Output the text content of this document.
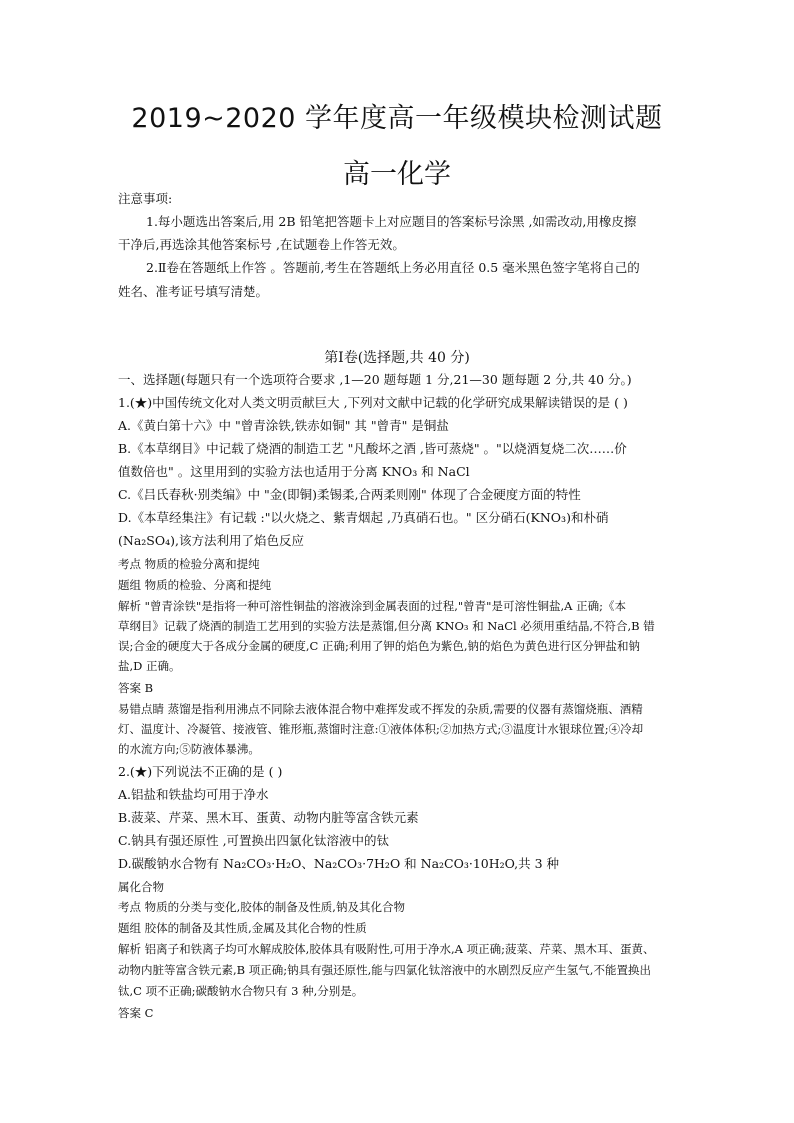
2019~2020 学年度高一年级模块检测试题
高一化学
注意事项:
1.每小题选出答案后,用 2B 铅笔把答题卡上对应题目的答案标号涂黑 ,如需改动,用橡皮擦
干净后,再选涂其他答案标号 ,在试题卷上作答无效。
2.Ⅱ卷在答题纸上作答 。答题前,考生在答题纸上务必用直径 0.5 毫米黑色签字笔将自己的
姓名、准考证号填写清楚。
第Ⅰ卷(选择题,共 40 分)
一、选择题(每题只有一个选项符合要求 ,1—20 题每题 1 分,21—30 题每题 2 分,共 40 分。)
1.(★)中国传统文化对人类文明贡献巨大 ,下列对文献中记载的化学研究成果解读错误的是 ( )
A.《黄白第十六》中 "曾青涂铁,铁赤如铜" 其 "曾青" 是铜盐
B.《本草纲目》中记载了烧酒的制造工艺 "凡酸坏之酒 ,皆可蒸烧" 。"以烧酒复烧二次……价
值数倍也" 。这里用到的实验方法也适用于分离 KNO₃ 和 NaCl
C.《吕氏春秋·别类编》中 "金(即铜)柔锡柔,合两柔则刚" 体现了合金硬度方面的特性
D.《本草经集注》有记载 :"以火烧之、紫青烟起 ,乃真硝石也。" 区分硝石(KNO₃)和朴硝
(Na₂SO₄),该方法利用了焰色反应
考点 物质的检验分离和提纯
题组 物质的检验、分离和提纯
解析 "曾青涂铁"是指将一种可溶性铜盐的溶液涂到金属表面的过程,"曾青"是可溶性铜盐,A 正确;《本
草纲目》记载了烧酒的制造工艺用到的实验方法是蒸馏,但分离 KNO₃ 和 NaCl 必须用重结晶,不符合,B 错
误;合金的硬度大于各成分金属的硬度,C 正确;利用了钾的焰色为紫色,钠的焰色为黄色进行区分钾盐和钠
盐,D 正确。
答案 B
易错点睛 蒸馏是指利用沸点不同除去液体混合物中难挥发或不挥发的杂质,需要的仪器有蒸馏烧瓶、酒精
灯、温度计、冷凝管、接液管、锥形瓶,蒸馏时注意:①液体体积;②加热方式;③温度计水银球位置;④冷却
的水流方向;⑤防液体暴沸。
2.(★)下列说法不正确的是 ( )
A.铝盐和铁盐均可用于净水
B.菠菜、芹菜、黑木耳、蛋黄、动物内脏等富含铁元素
C.钠具有强还原性 ,可置换出四氯化钛溶液中的钛
D.碳酸钠水合物有 Na₂CO₃·H₂O、Na₂CO₃·7H₂O 和 Na₂CO₃·10H₂O,共 3 种
属化合物
考点 物质的分类与变化,胶体的制备及性质,钠及其化合物
题组 胶体的制备及其性质,金属及其化合物的性质
解析 铝离子和铁离子均可水解成胶体,胶体具有吸附性,可用于净水,A 项正确;菠菜、芹菜、黑木耳、蛋黄、
动物内脏等富含铁元素,B 项正确;钠具有强还原性,能与四氯化钛溶液中的水剧烈反应产生氢气,不能置换出
钛,C 项不正确;碳酸钠水合物只有 3 种,分别是。
答案 C
